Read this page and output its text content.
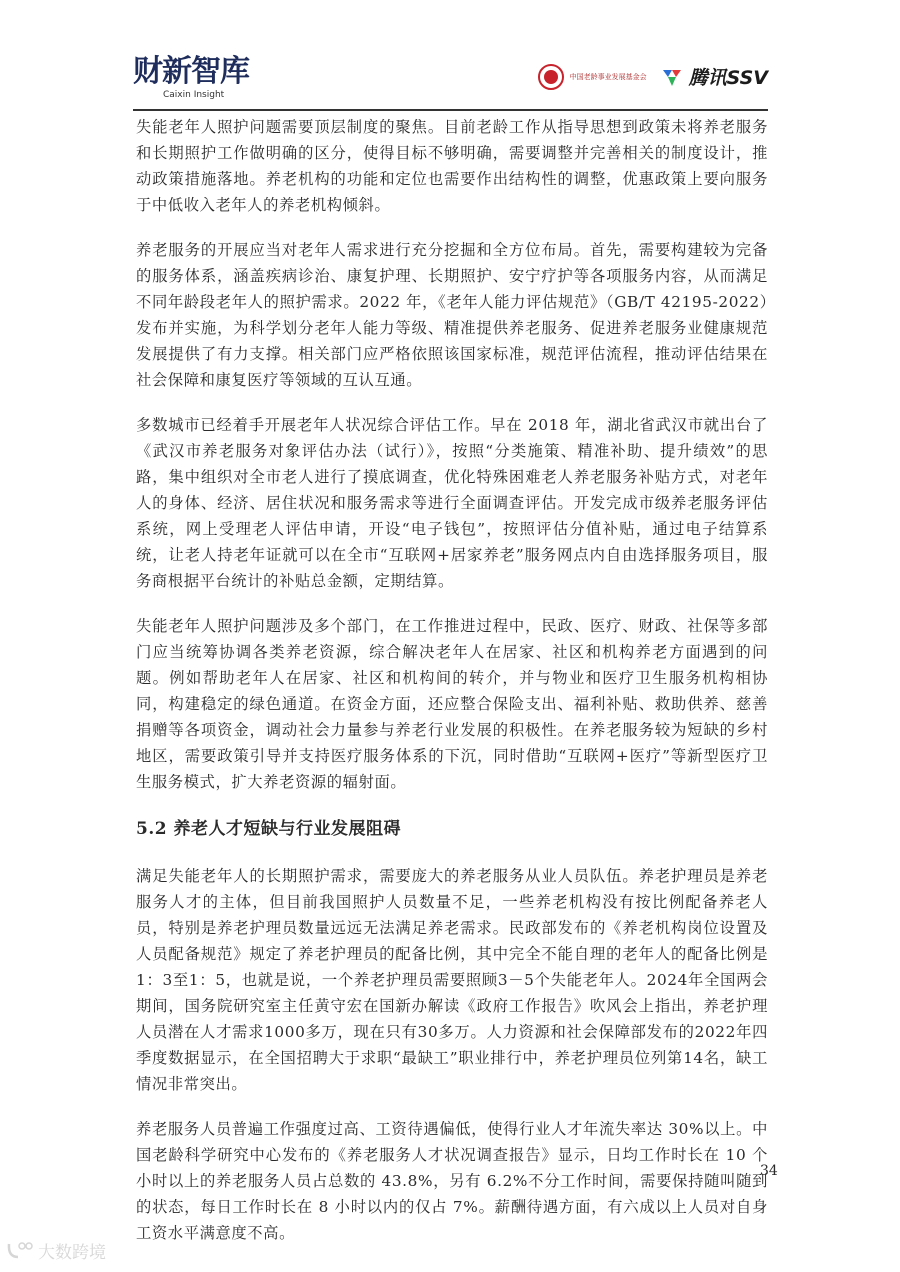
财新智库
Caixin Insight
中国老龄事业发展基金会 腾讯SSV

失能老年人照护问题需要顶层制度的聚焦。目前老龄工作从指导思想到政策未将养老服务和长期照护工作做明确的区分，使得目标不够明确，需要调整并完善相关的制度设计，推动政策措施落地。养老机构的功能和定位也需要作出结构性的调整，优惠政策上要向服务于中低收入老年人的养老机构倾斜。

养老服务的开展应当对老年人需求进行充分挖掘和全方位布局。首先，需要构建较为完备的服务体系，涵盖疾病诊治、康复护理、长期照护、安宁疗护等各项服务内容，从而满足不同年龄段老年人的照护需求。2022 年，《老年人能力评估规范》（GB/T 42195-2022）发布并实施，为科学划分老年人能力等级、精准提供养老服务、促进养老服务业健康规范发展提供了有力支撑。相关部门应严格依照该国家标准，规范评估流程，推动评估结果在社会保障和康复医疗等领域的互认互通。

多数城市已经着手开展老年人状况综合评估工作。早在 2018 年，湖北省武汉市就出台了《武汉市养老服务对象评估办法（试行）》，按照“分类施策、精准补助、提升绩效”的思路，集中组织对全市老人进行了摸底调查，优化特殊困难老人养老服务补贴方式，对老年人的身体、经济、居住状况和服务需求等进行全面调查评估。开发完成市级养老服务评估系统，网上受理老人评估申请，开设“电子钱包”，按照评估分值补贴，通过电子结算系统，让老人持老年证就可以在全市“互联网+居家养老”服务网点内自由选择服务项目，服务商根据平台统计的补贴总金额，定期结算。

失能老年人照护问题涉及多个部门，在工作推进过程中，民政、医疗、财政、社保等多部门应当统筹协调各类养老资源，综合解决老年人在居家、社区和机构养老方面遇到的问题。例如帮助老年人在居家、社区和机构间的转介，并与物业和医疗卫生服务机构相协同，构建稳定的绿色通道。在资金方面，还应整合保险支出、福利补贴、救助供养、慈善捐赠等各项资金，调动社会力量参与养老行业发展的积极性。在养老服务较为短缺的乡村地区，需要政策引导并支持医疗服务体系的下沉，同时借助“互联网+医疗”等新型医疗卫生服务模式，扩大养老资源的辐射面。

5.2 养老人才短缺与行业发展阻碍

满足失能老年人的长期照护需求，需要庞大的养老服务从业人员队伍。养老护理员是养老服务人才的主体，但目前我国照护人员数量不足，一些养老机构没有按比例配备养老人员，特别是养老护理员数量远远无法满足养老需求。民政部发布的《养老机构岗位设置及人员配备规范》规定了养老护理员的配备比例，其中完全不能自理的老年人的配备比例是1：3至1：5，也就是说，一个养老护理员需要照顾3－5个失能老年人。2024年全国两会期间，国务院研究室主任黄守宏在国新办解读《政府工作报告》吹风会上指出，养老护理人员潜在人才需求1000多万，现在只有30多万。人力资源和社会保障部发布的2022年四季度数据显示，在全国招聘大于求职“最缺工”职业排行中，养老护理员位列第14名，缺工情况非常突出。

养老服务人员普遍工作强度过高、工资待遇偏低，使得行业人才年流失率达 30%以上。中国老龄科学研究中心发布的《养老服务人才状况调查报告》显示，日均工作时长在 10 个小时以上的养老服务人员占总数的 43.8%，另有 6.2%不分工作时间，需要保持随叫随到的状态，每日工作时长在 8 小时以内的仅占 7%。薪酬待遇方面，有六成以上人员对自身工资水平满意度不高。

34
大数跨境
